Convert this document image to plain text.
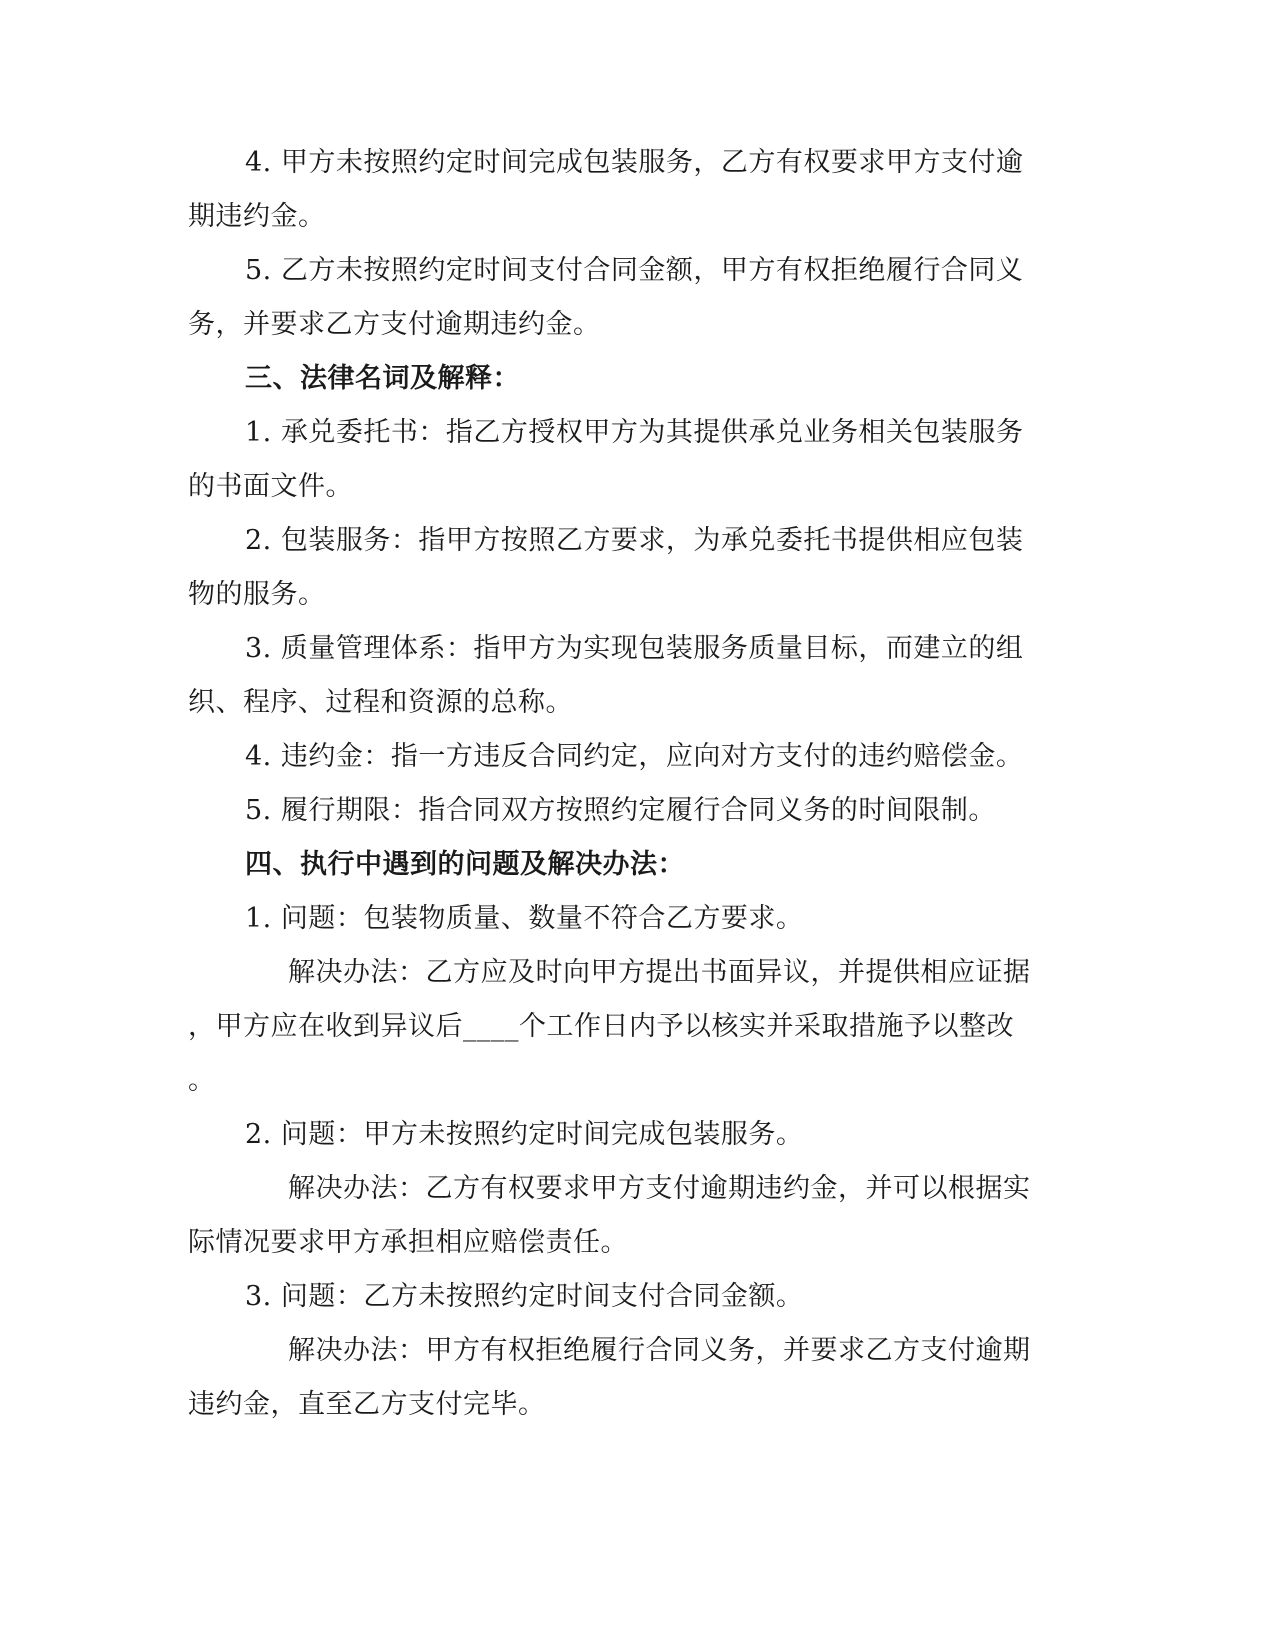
4. 甲方未按照约定时间完成包装服务，乙方有权要求甲方支付逾
期违约金。
5. 乙方未按照约定时间支付合同金额，甲方有权拒绝履行合同义
务，并要求乙方支付逾期违约金。
三、法律名词及解释：
1. 承兑委托书：指乙方授权甲方为其提供承兑业务相关包装服务
的书面文件。
2. 包装服务：指甲方按照乙方要求，为承兑委托书提供相应包装
物的服务。
3. 质量管理体系：指甲方为实现包装服务质量目标，而建立的组
织、程序、过程和资源的总称。
4. 违约金：指一方违反合同约定，应向对方支付的违约赔偿金。
5. 履行期限：指合同双方按照约定履行合同义务的时间限制。
四、执行中遇到的问题及解决办法：
1. 问题：包装物质量、数量不符合乙方要求。
解决办法：乙方应及时向甲方提出书面异议，并提供相应证据
，甲方应在收到异议后____个工作日内予以核实并采取措施予以整改
。
2. 问题：甲方未按照约定时间完成包装服务。
解决办法：乙方有权要求甲方支付逾期违约金，并可以根据实
际情况要求甲方承担相应赔偿责任。
3. 问题：乙方未按照约定时间支付合同金额。
解决办法：甲方有权拒绝履行合同义务，并要求乙方支付逾期
违约金，直至乙方支付完毕。
